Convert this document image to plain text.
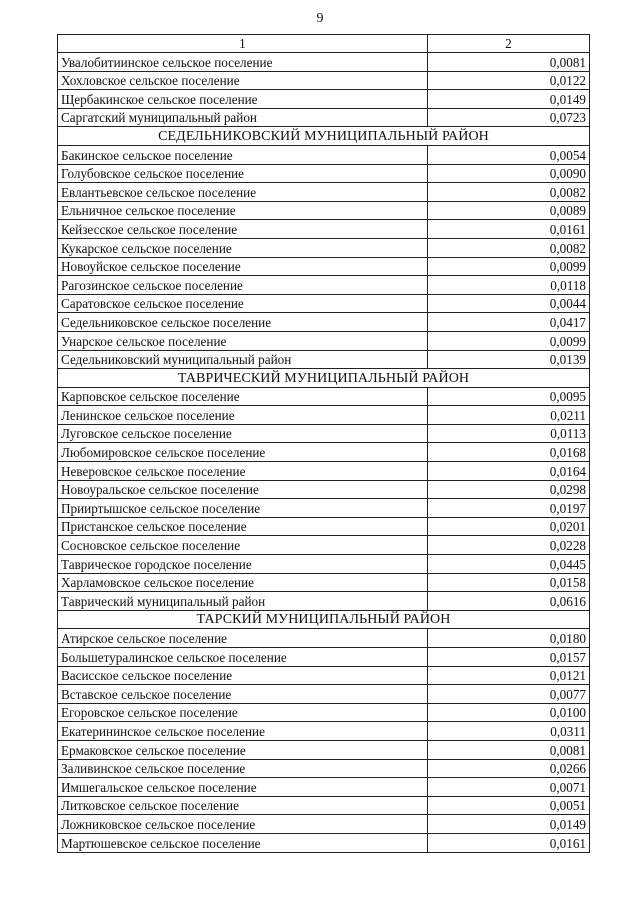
9
1	2
Увалобитиинское сельское поселение	0,0081
Хохловское сельское поселение	0,0122
Щербакинское сельское поселение	0,0149
Саргатский муниципальный район	0,0723
СЕДЕЛЬНИКОВСКИЙ МУНИЦИПАЛЬНЫЙ РАЙОН	
Бакинское сельское поселение	0,0054
Голубовское сельское поселение	0,0090
Евлантьевское сельское поселение	0,0082
Ельничное сельское поселение	0,0089
Кейзесское сельское поселение	0,0161
Кукарское сельское поселение	0,0082
Новоуйское сельское поселение	0,0099
Рагозинское сельское поселение	0,0118
Саратовское сельское поселение	0,0044
Седельниковское сельское поселение	0,0417
Унарское сельское поселение	0,0099
Седельниковский муниципальный район	0,0139
ТАВРИЧЕСКИЙ МУНИЦИПАЛЬНЫЙ РАЙОН	
Карповское сельское поселение	0,0095
Ленинское сельское поселение	0,0211
Луговское сельское поселение	0,0113
Любомировское сельское поселение	0,0168
Неверовское сельское поселение	0,0164
Новоуральское сельское поселение	0,0298
Прииртышское сельское поселение	0,0197
Пристанское сельское поселение	0,0201
Сосновское сельское поселение	0,0228
Таврическое городское поселение	0,0445
Харламовское сельское поселение	0,0158
Таврический муниципальный район	0,0616
ТАРСКИЙ МУНИЦИПАЛЬНЫЙ РАЙОН	
Атирское сельское поселение	0,0180
Большетуралинское сельское поселение	0,0157
Васисское сельское поселение	0,0121
Вставское сельское поселение	0,0077
Егоровское сельское поселение	0,0100
Екатерининское сельское поселение	0,0311
Ермаковское сельское поселение	0,0081
Заливинское сельское поселение	0,0266
Имшегальское сельское поселение	0,0071
Литковское сельское поселение	0,0051
Ложниковское сельское поселение	0,0149
Мартюшевское сельское поселение	0,0161
